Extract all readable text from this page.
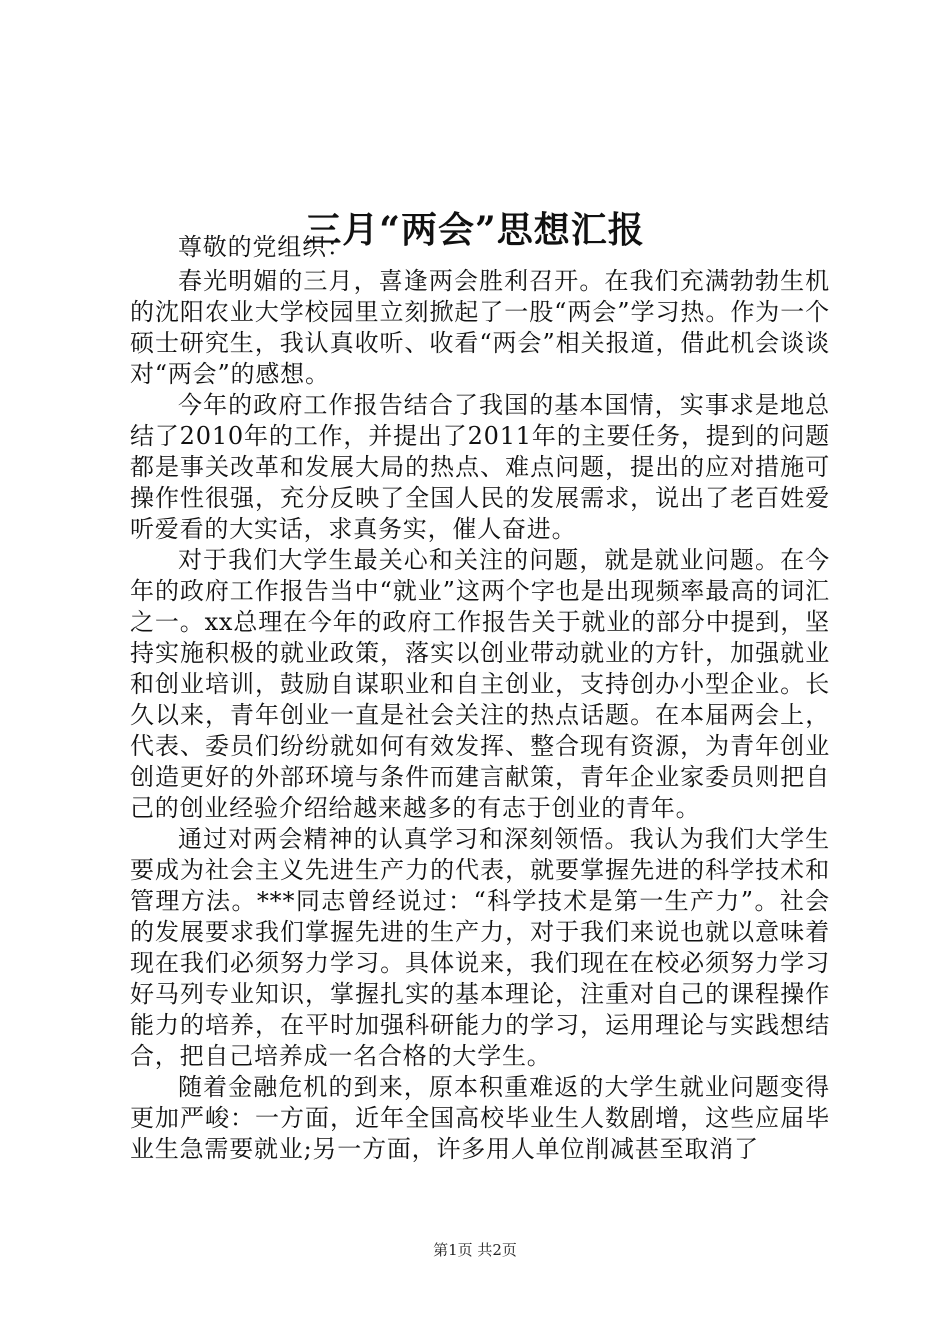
三月“两会”思想汇报

尊敬的党组织：

春光明媚的三月，喜逢两会胜利召开。在我们充满勃勃生机的沈阳农业大学校园里立刻掀起了一股“两会”学习热。作为一个硕士研究生，我认真收听、收看“两会”相关报道，借此机会谈谈对“两会”的感想。

今年的政府工作报告结合了我国的基本国情，实事求是地总结了2010年的工作，并提出了2011年的主要任务，提到的问题都是事关改革和发展大局的热点、难点问题，提出的应对措施可操作性很强，充分反映了全国人民的发展需求，说出了老百姓爱听爱看的大实话，求真务实，催人奋进。

对于我们大学生最关心和关注的问题，就是就业问题。在今年的政府工作报告当中“就业”这两个字也是出现频率最高的词汇之一。xx总理在今年的政府工作报告关于就业的部分中提到，坚持实施积极的就业政策，落实以创业带动就业的方针，加强就业和创业培训，鼓励自谋职业和自主创业，支持创办小型企业。长久以来，青年创业一直是社会关注的热点话题。在本届两会上，代表、委员们纷纷就如何有效发挥、整合现有资源，为青年创业创造更好的外部环境与条件而建言献策，青年企业家委员则把自己的创业经验介绍给越来越多的有志于创业的青年。

通过对两会精神的认真学习和深刻领悟。我认为我们大学生要成为社会主义先进生产力的代表，就要掌握先进的科学技术和管理方法。***同志曾经说过：“科学技术是第一生产力”。社会的发展要求我们掌握先进的生产力，对于我们来说也就以意味着现在我们必须努力学习。具体说来，我们现在在校必须努力学习好马列专业知识，掌握扎实的基本理论，注重对自己的课程操作能力的培养，在平时加强科研能力的学习，运用理论与实践想结合，把自己培养成一名合格的大学生。

随着金融危机的到来，原本积重难返的大学生就业问题变得更加严峻：一方面，近年全国高校毕业生人数剧增，这些应届毕业生急需要就业;另一方面，许多用人单位削减甚至取消了

第1页 共2页
